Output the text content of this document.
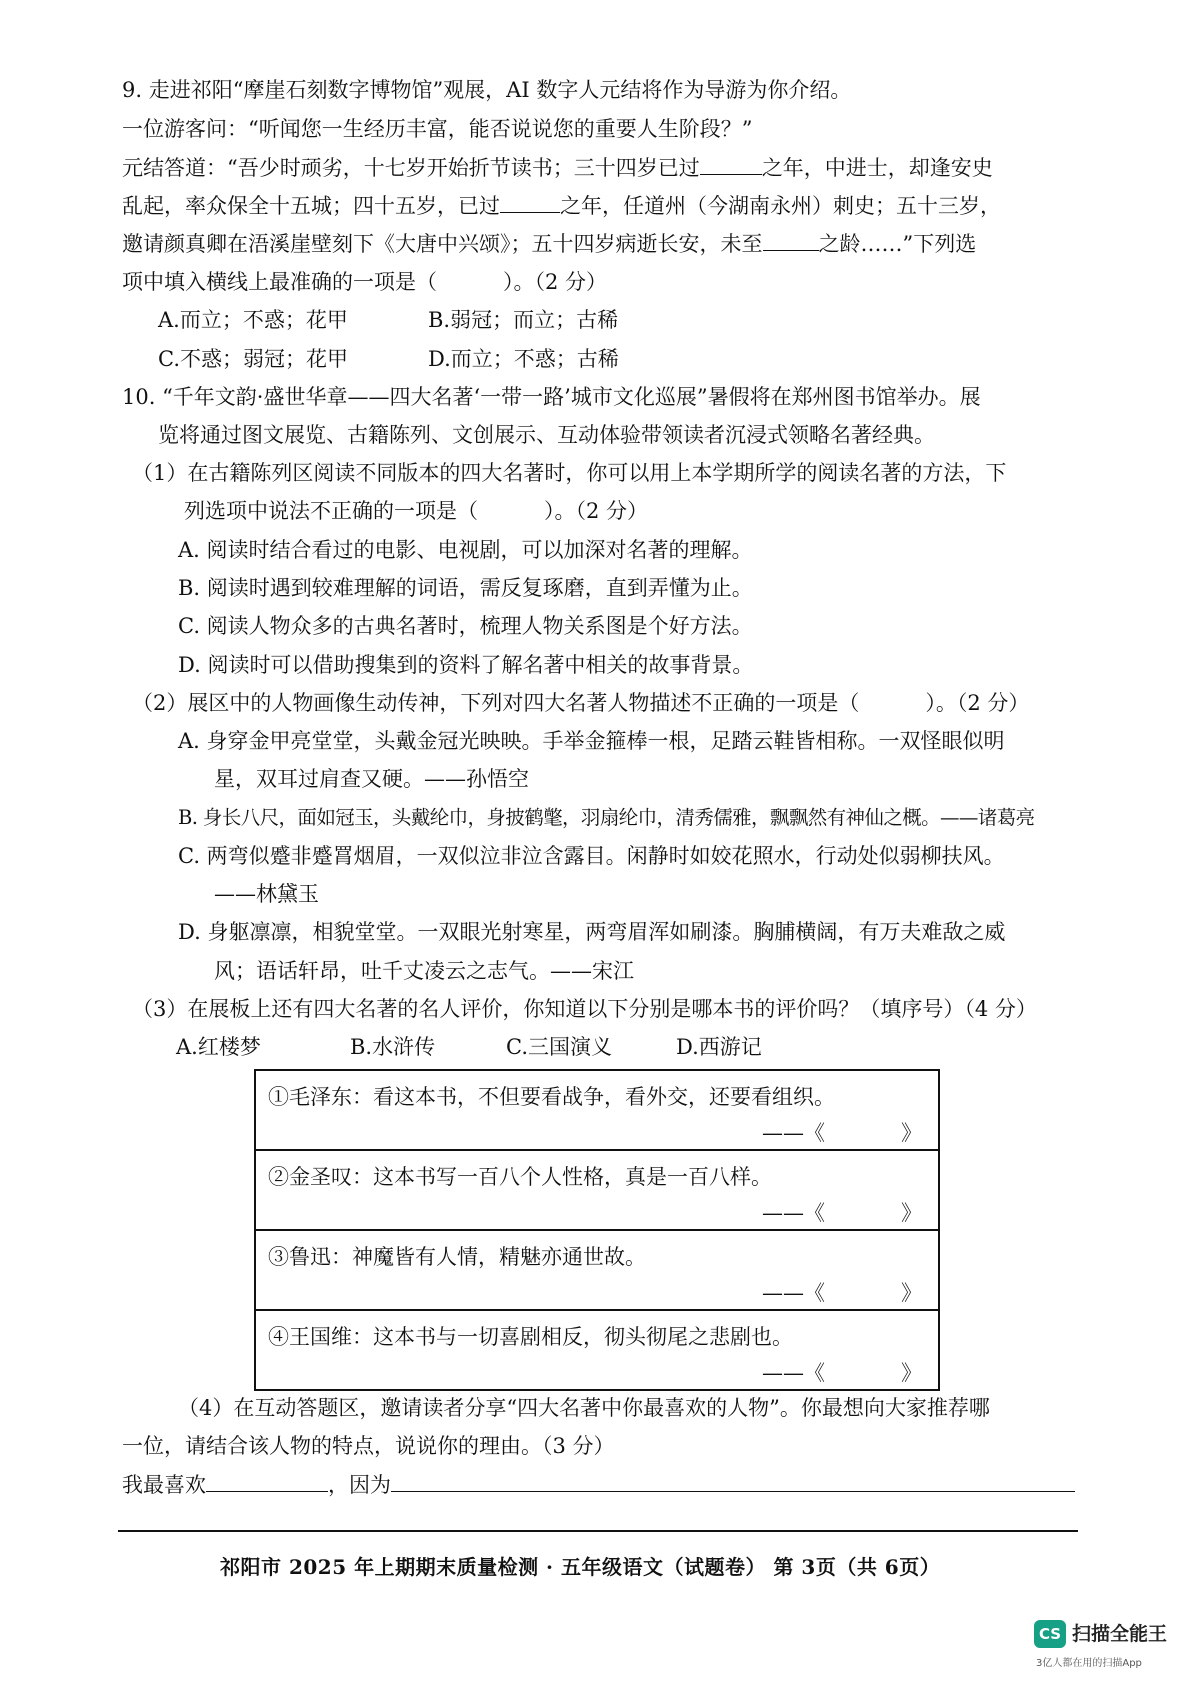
9. 走进祁阳“摩崖石刻数字博物馆”观展，AI 数字人元结将作为导游为你介绍。
一位游客问：“听闻您一生经历丰富，能否说说您的重要人生阶段？”
元结答道：“吾少时顽劣，十七岁开始折节读书；三十四岁已过	之年，中进士，却逢安史
乱起，率众保全十五城；四十五岁，已过	之年，任道州（今湖南永州）刺史；五十三岁，
邀请颜真卿在浯溪崖壁刻下《大唐中兴颂》；五十四岁病逝长安，未至	之龄……”下列选
项中填入横线上最准确的一项是（	）。（2 分）
A.而立；不惑；花甲	B.弱冠；而立；古稀
C.不惑；弱冠；花甲	D.而立；不惑；古稀
10. “千年文韵·盛世华章——四大名著‘一带一路’城市文化巡展”暑假将在郑州图书馆举办。展
览将通过图文展览、古籍陈列、文创展示、互动体验带领读者沉浸式领略名著经典。
（1）在古籍陈列区阅读不同版本的四大名著时，你可以用上本学期所学的阅读名著的方法，下
列选项中说法不正确的一项是（	）。（2 分）
A. 阅读时结合看过的电影、电视剧，可以加深对名著的理解。
B. 阅读时遇到较难理解的词语，需反复琢磨，直到弄懂为止。
C. 阅读人物众多的古典名著时，梳理人物关系图是个好方法。
D. 阅读时可以借助搜集到的资料了解名著中相关的故事背景。
（2）展区中的人物画像生动传神，下列对四大名著人物描述不正确的一项是（	）。（2 分）
A. 身穿金甲亮堂堂，头戴金冠光映映。手举金箍棒一根，足踏云鞋皆相称。一双怪眼似明
星，双耳过肩查又硬。——孙悟空
B. 身长八尺，面如冠玉，头戴纶巾，身披鹤氅，羽扇纶巾，清秀儒雅，飘飘然有神仙之概。——诸葛亮
C. 两弯似蹙非蹙罥烟眉，一双似泣非泣含露目。闲静时如姣花照水，行动处似弱柳扶风。
——林黛玉
D. 身躯凛凛，相貌堂堂。一双眼光射寒星，两弯眉浑如刷漆。胸脯横阔，有万夫难敌之威
风；语话轩昂，吐千丈凌云之志气。——宋江
（3）在展板上还有四大名著的名人评价，你知道以下分别是哪本书的评价吗？（填序号）（4 分）
A.红楼梦	B.水浒传	C.三国演义	D.西游记
①毛泽东：看这本书，不但要看战争，看外交，还要看组织。
——《	》

②金圣叹：这本书写一百八个人性格，真是一百八样。
——《	》

③鲁迅：神魔皆有人情，精魅亦通世故。
——《	》

④王国维：这本书与一切喜剧相反，彻头彻尾之悲剧也。
——《	》
（4）在互动答题区，邀请读者分享“四大名著中你最喜欢的人物”。你最想向大家推荐哪
一位，请结合该人物的特点，说说你的理由。（3 分）
我最喜欢	，因为
祁阳市 2025 年上期期末质量检测 · 五年级语文（试题卷） 第 3页（共 6页）
CS 扫描全能王
3亿人都在用的扫描App
